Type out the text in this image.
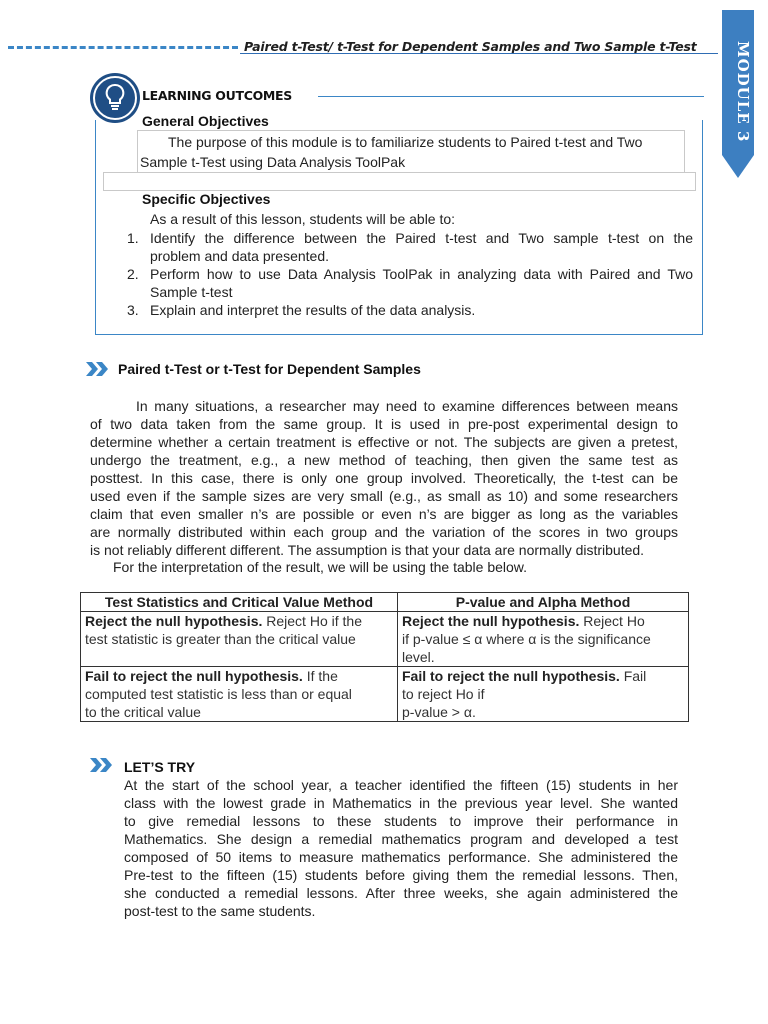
Paired t-Test/ t-Test for Dependent Samples and Two Sample t-Test	MODULE 3
LEARNING OUTCOMES
General Objectives
The purpose of this module is to familiarize students to Paired t-test and Two
Sample t-Test using Data Analysis ToolPak
Specific Objectives
As a result of this lesson, students will be able to:
1. Identify the difference between the Paired t-test and Two sample t-test on the
problem and data presented.
2. Perform how to use Data Analysis ToolPak in analyzing data with Paired and Two
Sample t-test
3. Explain and interpret the results of the data analysis.
Paired t-Test or t-Test for Dependent Samples
In many situations, a researcher may need to examine differences between means
of two data taken from the same group. It is used in pre-post experimental design to
determine whether a certain treatment is effective or not. The subjects are given a pretest,
undergo the treatment, e.g., a new method of teaching, then given the same test as
posttest. In this case, there is only one group involved. Theoretically, the t-test can be
used even if the sample sizes are very small (e.g., as small as 10) and some researchers
claim that even smaller n’s are possible or even n’s are bigger as long as the variables
are normally distributed within each group and the variation of the scores in two groups
is not reliably different different. The assumption is that your data are normally distributed.
For the interpretation of the result, we will be using the table below.
Test Statistics and Critical Value Method	P-value and Alpha Method
Reject the null hypothesis. Reject Ho if the
test statistic is greater than the critical value	Reject the null hypothesis. Reject Ho
if p-value ≤ α where α is the significance
level.
Fail to reject the null hypothesis. If the
computed test statistic is less than or equal
to the critical value	Fail to reject the null hypothesis. Fail
to reject Ho if
p-value > α.
LET’S TRY
At the start of the school year, a teacher identified the fifteen (15) students in her
class with the lowest grade in Mathematics in the previous year level. She wanted
to give remedial lessons to these students to improve their performance in
Mathematics. She design a remedial mathematics program and developed a test
composed of 50 items to measure mathematics performance. She administered the
Pre-test to the fifteen (15) students before giving them the remedial lessons. Then,
she conducted a remedial lessons. After three weeks, she again administered the
post-test to the same students.
